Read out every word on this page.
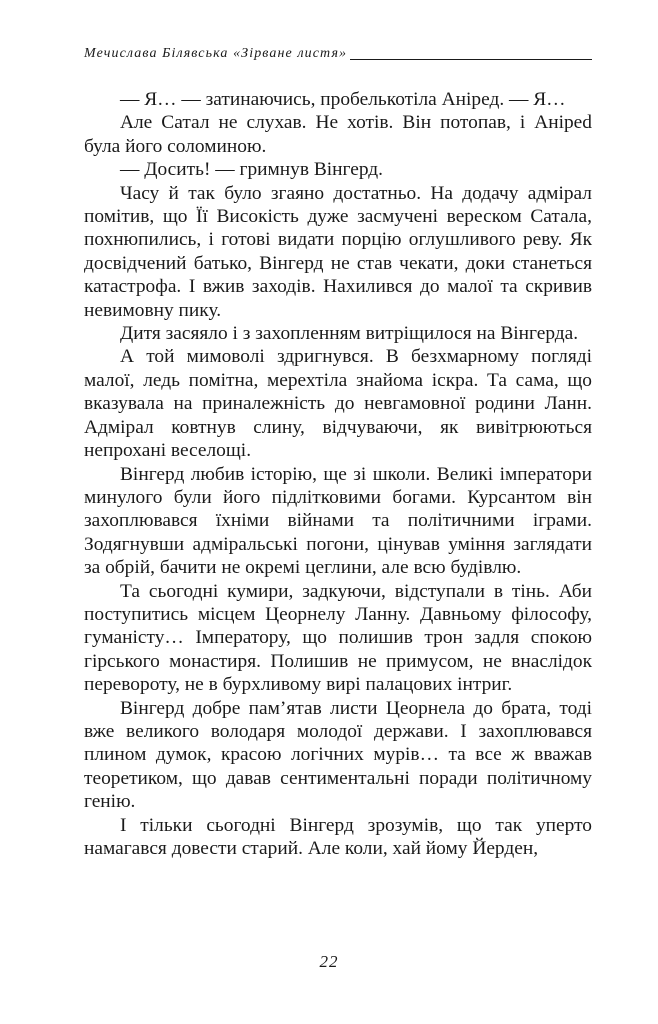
Мечислава Білявська «Зірване листя»

— Я… — затинаючись, пробелькотіла Аніред. — Я…

Але Сатал не слухав. Не хотів. Він потопав, і Анірed була його соломиною.

— Досить! — гримнув Вінгерд.

Часу й так було згаяно достатньо. На додачу адмірал помітив, що Її Високість дуже засмучені вереском Сатала, похнюпились, і готові видати порцію оглушливого реву. Як досвідчений батько, Вінгерд не став чекати, доки станеться катастрофа. І вжив заходів. Нахилився до малої та скривив невимовну пику.

Дитя засяяло і з захопленням витріщилося на Вінгерда.

А той мимоволі здригнувся. В безхмарному погляді малої, ледь помітна, мерехтіла знайома іскра. Та сама, що вказувала на приналежність до невгамовної родини Ланн. Адмірал ковтнув слину, відчуваючи, як вивітрюються непрохані веселощі.

Вінгерд любив історію, ще зі школи. Великі імператори минулого були його підлітковими богами. Курсантом він захоплювався їхніми війнами та політичними іграми. Зодягнувши адміральські погони, цінував уміння заглядати за обрій, бачити не окремі цеглини, але всю будівлю.

Та сьогодні кумири, задкуючи, відступали в тінь. Аби поступитись місцем Цеорнелу Ланну. Давньому філософу, гуманісту… Імператору, що полишив трон задля спокою гірського монастиря. Полишив не примусом, не внаслідок перевороту, не в бурхливому вирі палацових інтриг.

Вінгерд добре пам’ятав листи Цеорнела до брата, тоді вже великого володаря молодої держави. І захоплювався плином думок, красою логічних мурів… та все ж вважав теоретиком, що давав сентиментальні поради політичному генію.

І тільки сьогодні Вінгерд зрозумів, що так уперто намагався довести старий. Але коли, хай йому Йерден,

22
